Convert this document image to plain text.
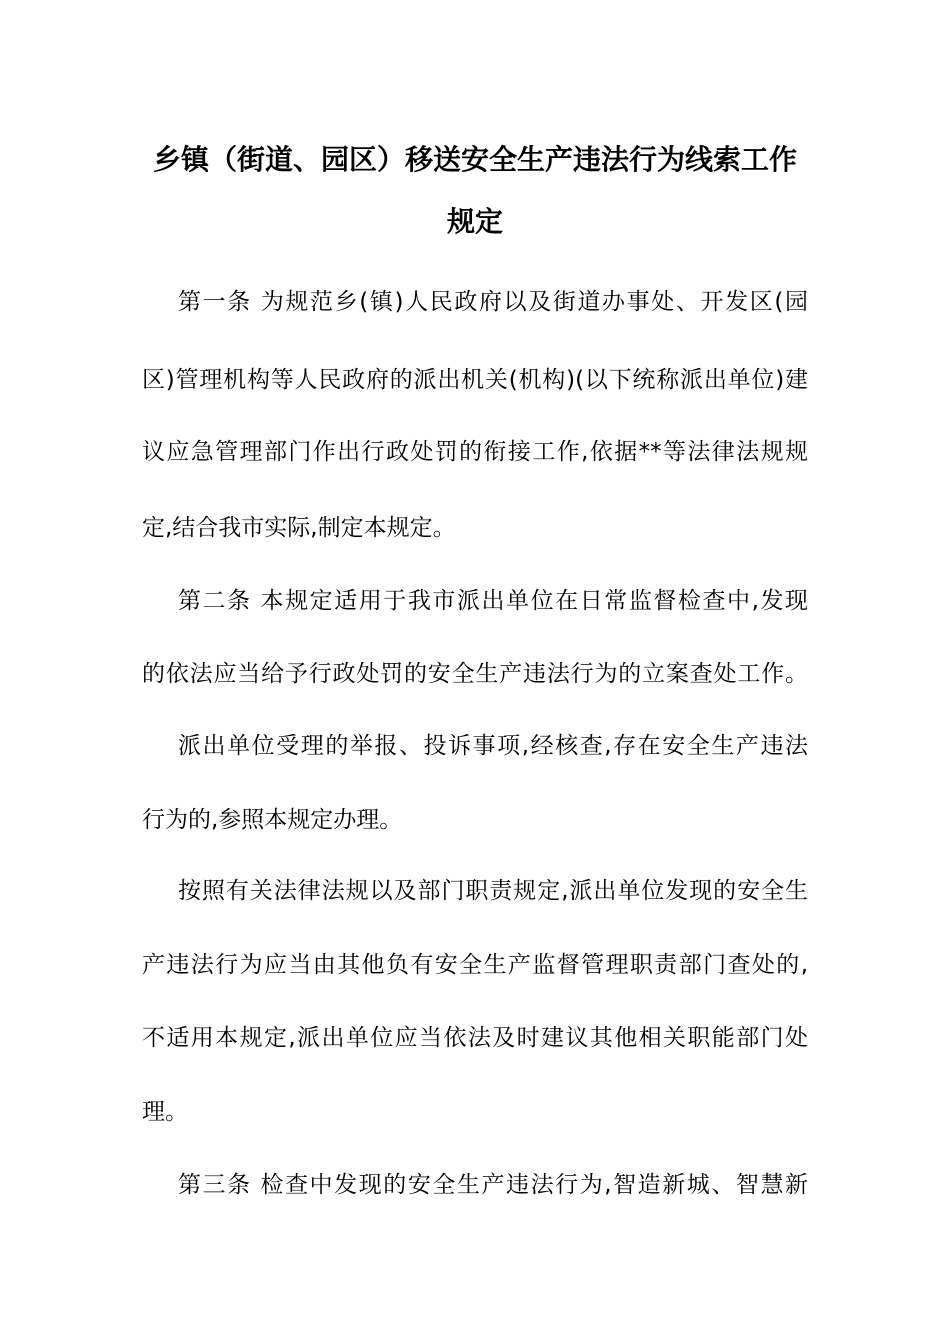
乡镇（街道、园区）移送安全生产违法行为线索工作
规定
第一条 为规范乡(镇)人民政府以及街道办事处、开发区(园
区)管理机构等人民政府的派出机关(机构)(以下统称派出单位)建
议应急管理部门作出行政处罚的衔接工作,依据**等法律法规规
定,结合我市实际,制定本规定。
第二条 本规定适用于我市派出单位在日常监督检查中,发现
的依法应当给予行政处罚的安全生产违法行为的立案查处工作。
派出单位受理的举报、投诉事项,经核查,存在安全生产违法
行为的,参照本规定办理。
按照有关法律法规以及部门职责规定,派出单位发现的安全生
产违法行为应当由其他负有安全生产监督管理职责部门查处的,
不适用本规定,派出单位应当依法及时建议其他相关职能部门处
理。
第三条 检查中发现的安全生产违法行为,智造新城、智慧新
